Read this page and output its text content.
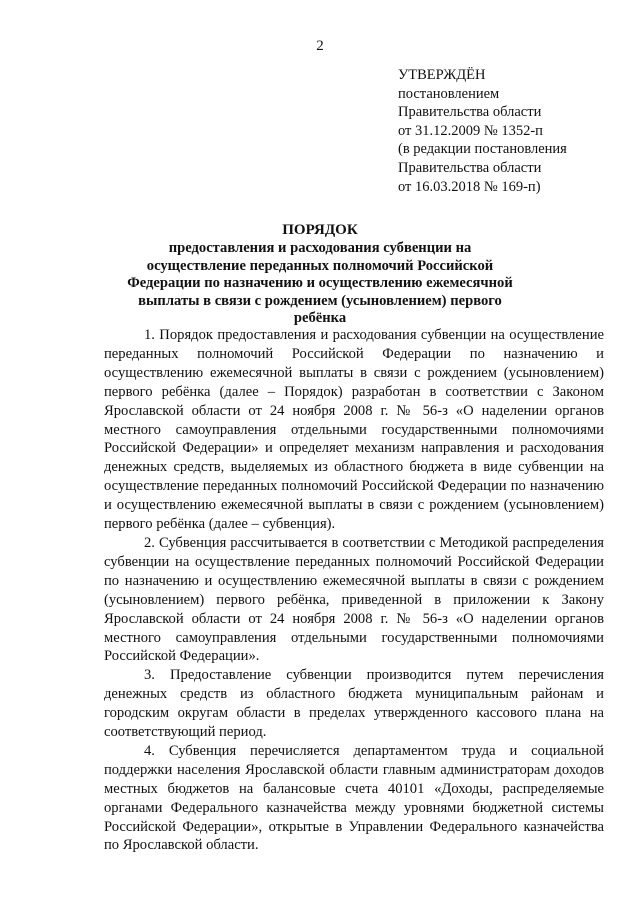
2
УТВЕРЖДЁН
постановлением
Правительства области
от 31.12.2009 № 1352-п
(в редакции постановления
Правительства области
от 16.03.2018 № 169-п)
ПОРЯДОК
предоставления и расходования субвенции на осуществление переданных полномочий Российской Федерации по назначению и осуществлению ежемесячной выплаты в связи с рождением (усыновлением) первого ребёнка

1. Порядок предоставления и расходования субвенции на осуществление переданных полномочий Российской Федерации по назначению и осуществлению ежемесячной выплаты в связи с рождением (усыновлением) первого ребёнка (далее – Порядок) разработан в соответствии с Законом Ярославской области от 24 ноября 2008 г. № 56-з «О наделении органов местного самоуправления отдельными государственными полномочиями Российской Федерации» и определяет механизм направления и расходования денежных средств, выделяемых из областного бюджета в виде субвенции на осуществление переданных полномочий Российской Федерации по назначению и осуществлению ежемесячной выплаты в связи с рождением (усыновлением) первого ребёнка (далее – субвенция).

2. Субвенция рассчитывается в соответствии с Методикой распределения субвенции на осуществление переданных полномочий Российской Федерации по назначению и осуществлению ежемесячной выплаты в связи с рождением (усыновлением) первого ребёнка, приведенной в приложении к Закону Ярославской области от 24 ноября 2008 г. № 56-з «О наделении органов местного самоуправления отдельными государственными полномочиями Российской Федерации».

3. Предоставление субвенции производится путем перечисления денежных средств из областного бюджета муниципальным районам и городским округам области в пределах утвержденного кассового плана на соответствующий период.

4. Субвенция перечисляется департаментом труда и социальной поддержки населения Ярославской области главным администраторам доходов местных бюджетов на балансовые счета 40101 «Доходы, распределяемые органами Федерального казначейства между уровнями бюджетной системы Российской Федерации», открытые в Управлении Федерального казначейства по Ярославской области.
